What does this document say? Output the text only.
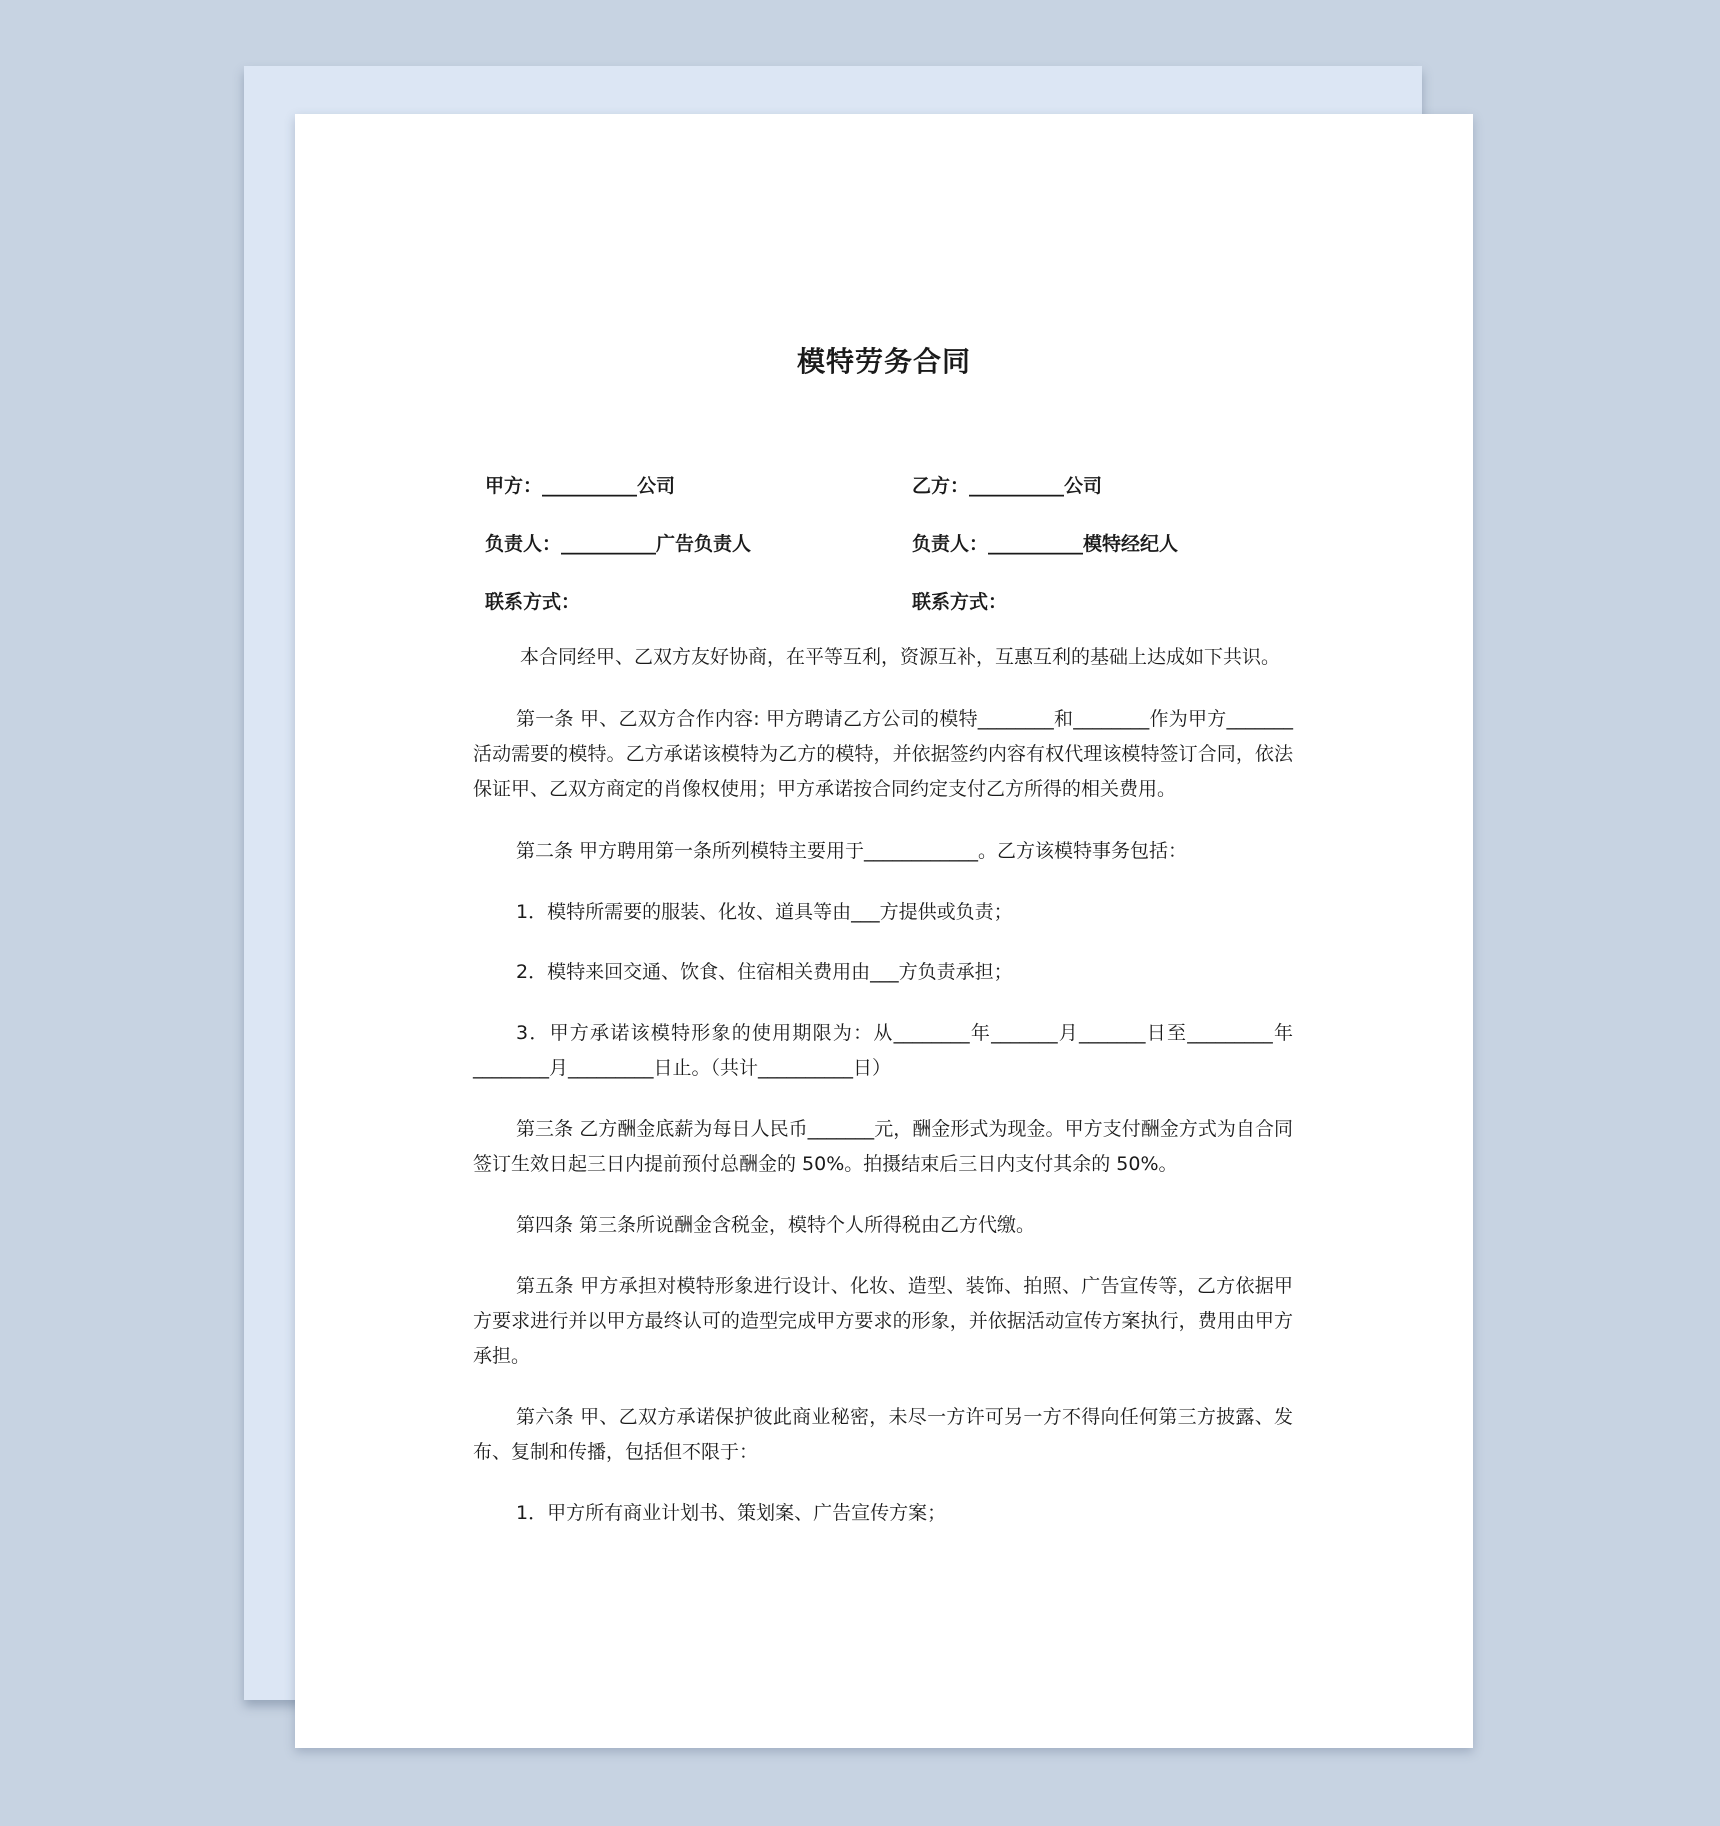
模特劳务合同
甲方：__________公司	乙方：__________公司
负责人：__________广告负责人	负责人：__________模特经纪人
联系方式：	联系方式：
本合同经甲、乙双方友好协商，在平等互利，资源互补，互惠互利的基础上达成如下共识。
第一条 甲、乙双方合作内容: 甲方聘请乙方公司的模特________和________作为甲方_______活动需要的模特。乙方承诺该模特为乙方的模特，并依据签约内容有权代理该模特签订合同，依法保证甲、乙双方商定的肖像权使用；甲方承诺按合同约定支付乙方所得的相关费用。
第二条 甲方聘用第一条所列模特主要用于____________。乙方该模特事务包括：
1．模特所需要的服装、化妆、道具等由___方提供或负责；
2．模特来回交通、饮食、住宿相关费用由___方负责承担；
3．甲方承诺该模特形象的使用期限为：从________年_______月_______日至_________年________月_________日止。（共计__________日）
第三条 乙方酬金底薪为每日人民币_______元，酬金形式为现金。甲方支付酬金方式为自合同签订生效日起三日内提前预付总酬金的 50%。拍摄结束后三日内支付其余的 50%。
第四条 第三条所说酬金含税金，模特个人所得税由乙方代缴。
第五条 甲方承担对模特形象进行设计、化妆、造型、装饰、拍照、广告宣传等，乙方依据甲方要求进行并以甲方最终认可的造型完成甲方要求的形象，并依据活动宣传方案执行，费用由甲方承担。
第六条 甲、乙双方承诺保护彼此商业秘密，未尽一方许可另一方不得向任何第三方披露、发布、复制和传播，包括但不限于：
1．甲方所有商业计划书、策划案、广告宣传方案；
